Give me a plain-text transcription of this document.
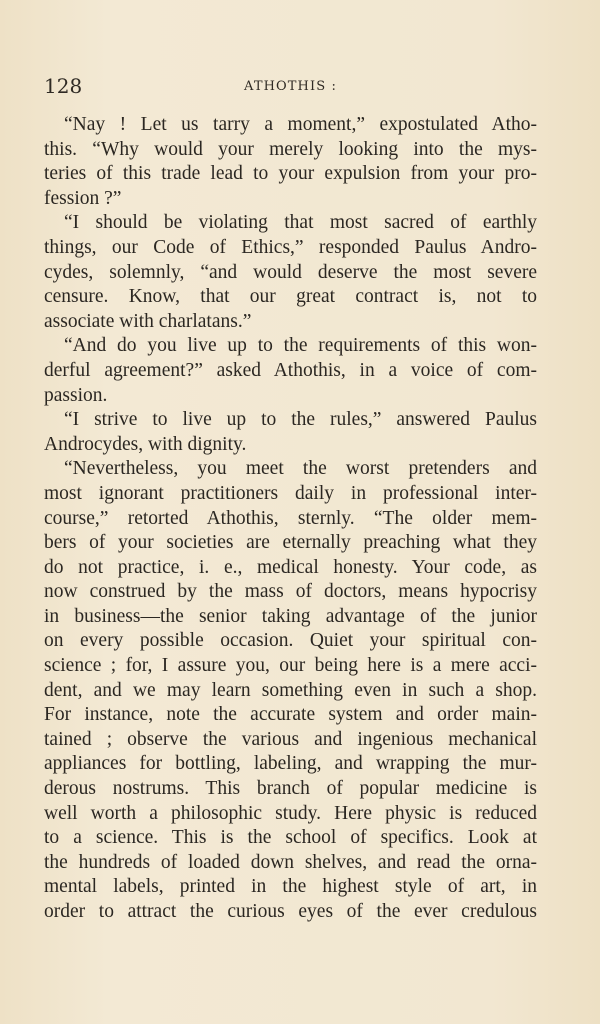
128	ATHOTHIS :
“Nay ! Let us tarry a moment,” expostulated Atho-
this. “Why would your merely looking into the mys-
teries of this trade lead to your expulsion from your pro-
fession ?”
“I should be violating that most sacred of earthly
things, our Code of Ethics,” responded Paulus Andro-
cydes, solemnly, “and would deserve the most severe
censure. Know, that our great contract is, not to
associate with charlatans.”
“And do you live up to the requirements of this won-
derful agreement?” asked Athothis, in a voice of com-
passion.
“I strive to live up to the rules,” answered Paulus
Androcydes, with dignity.
“Nevertheless, you meet the worst pretenders and
most ignorant practitioners daily in professional inter-
course,” retorted Athothis, sternly. “The older mem-
bers of your societies are eternally preaching what they
do not practice, i. e., medical honesty. Your code, as
now construed by the mass of doctors, means hypocrisy
in business—the senior taking advantage of the junior
on every possible occasion. Quiet your spiritual con-
science ; for, I assure you, our being here is a mere acci-
dent, and we may learn something even in such a shop.
For instance, note the accurate system and order main-
tained ; observe the various and ingenious mechanical
appliances for bottling, labeling, and wrapping the mur-
derous nostrums. This branch of popular medicine is
well worth a philosophic study. Here physic is reduced
to a science. This is the school of specifics. Look at
the hundreds of loaded down shelves, and read the orna-
mental labels, printed in the highest style of art, in
order to attract the curious eyes of the ever credulous
